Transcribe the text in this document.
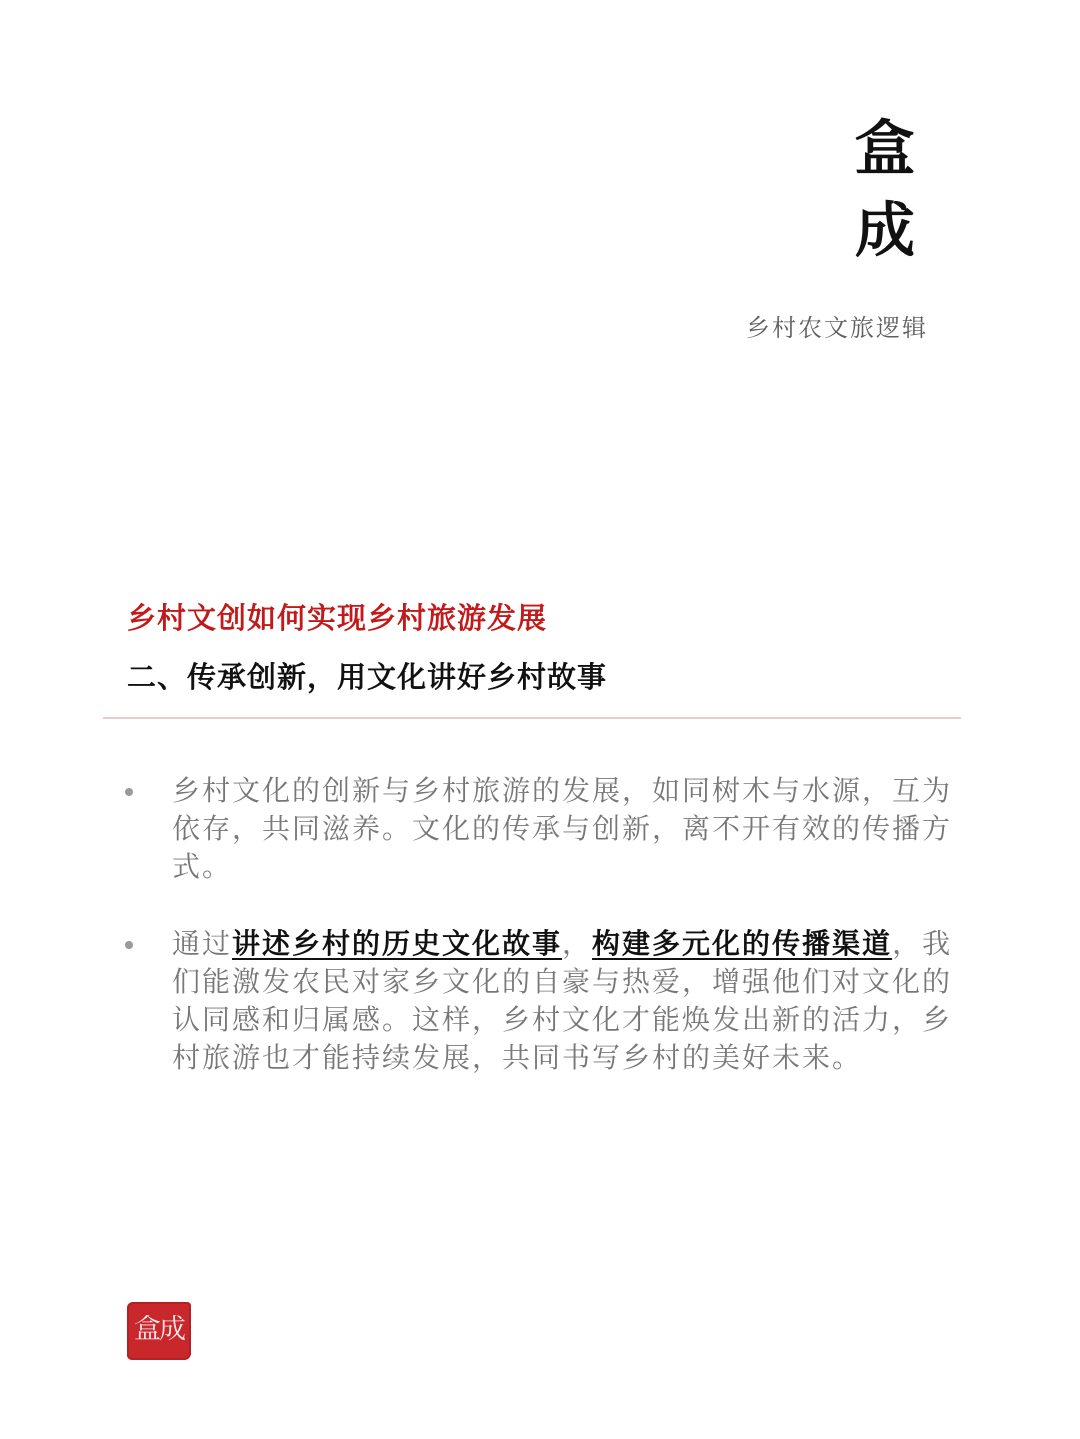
盒
成
乡村农文旅逻辑
乡村文创如何实现乡村旅游发展
二、传承创新，用文化讲好乡村故事
乡村文化的创新与乡村旅游的发展，如同树木与水源，互为依存，共同滋养。文化的传承与创新，离不开有效的传播方式。
通过讲述乡村的历史文化故事，构建多元化的传播渠道，我们能激发农民对家乡文化的自豪与热爱，增强他们对文化的认同感和归属感。这样，乡村文化才能焕发出新的活力，乡村旅游也才能持续发展，共同书写乡村的美好未来。
盒成
